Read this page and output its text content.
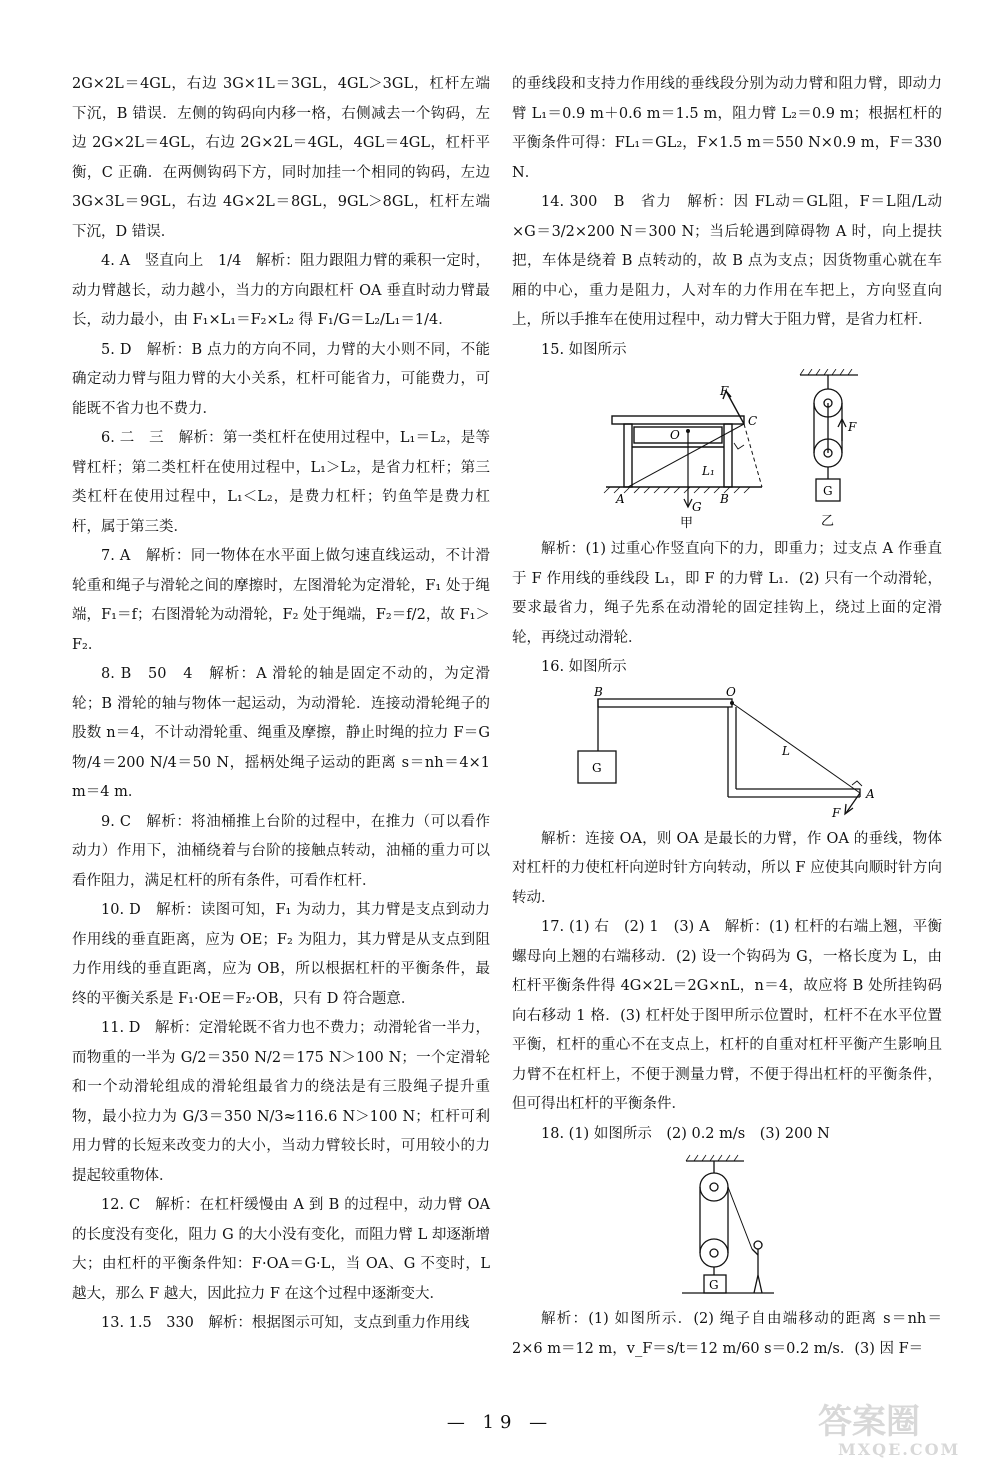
2G×2L＝4GL，右边 3G×1L＝3GL，4GL＞3GL，杠杆左端下沉，B 错误．左侧的钩码向内移一格，右侧减去一个钩码，左边 2G×2L＝4GL，右边 2G×2L＝4GL，4GL＝4GL，杠杆平衡，C 正确．在两侧钩码下方，同时加挂一个相同的钩码，左边 3G×3L＝9GL，右边 4G×2L＝8GL，9GL＞8GL，杠杆左端下沉，D 错误．

4. A　竖直向上　1/4　解析：阻力跟阻力臂的乘积一定时，动力臂越长，动力越小，当力的方向跟杠杆 OA 垂直时动力臂最长，动力最小，由 F₁×L₁＝F₂×L₂ 得 F₁/G＝L₂/L₁＝1/4．

5. D　解析：B 点力的方向不同，力臂的大小则不同，不能确定动力臂与阻力臂的大小关系，杠杆可能省力，可能费力，可能既不省力也不费力．

6. 二　三　解析：第一类杠杆在使用过程中，L₁＝L₂，是等臂杠杆；第二类杠杆在使用过程中，L₁＞L₂，是省力杠杆；第三类杠杆在使用过程中，L₁＜L₂，是费力杠杆；钓鱼竿是费力杠杆，属于第三类．

7. A　解析：同一物体在水平面上做匀速直线运动，不计滑轮重和绳子与滑轮之间的摩擦时，左图滑轮为定滑轮，F₁ 处于绳端，F₁＝f；右图滑轮为动滑轮，F₂ 处于绳端，F₂＝f/2，故 F₁＞F₂．

8. B　50　4　解析：A 滑轮的轴是固定不动的，为定滑轮；B 滑轮的轴与物体一起运动，为动滑轮．连接动滑轮绳子的股数 n＝4，不计动滑轮重、绳重及摩擦，静止时绳的拉力 F＝G物/4＝200 N/4＝50 N，摇柄处绳子运动的距离 s＝nh＝4×1 m＝4 m．

9. C　解析：将油桶推上台阶的过程中，在推力（可以看作动力）作用下，油桶绕着与台阶的接触点转动，油桶的重力可以看作阻力，满足杠杆的所有条件，可看作杠杆．

10. D　解析：读图可知，F₁ 为动力，其力臂是支点到动力作用线的垂直距离，应为 OE；F₂ 为阻力，其力臂是从支点到阻力作用线的垂直距离，应为 OB，所以根据杠杆的平衡条件，最终的平衡关系是 F₁·OE＝F₂·OB，只有 D 符合题意．

11. D　解析：定滑轮既不省力也不费力；动滑轮省一半力，而物重的一半为 G/2＝350 N/2＝175 N＞100 N；一个定滑轮和一个动滑轮组成的滑轮组最省力的绕法是有三股绳子提升重物，最小拉力为 G/3＝350 N/3≈116.6 N＞100 N；杠杆可利用力臂的长短来改变力的大小，当动力臂较长时，可用较小的力提起较重物体．

12. C　解析：在杠杆缓慢由 A 到 B 的过程中，动力臂 OA 的长度没有变化，阻力 G 的大小没有变化，而阻力臂 L 却逐渐增大；由杠杆的平衡条件知：F·OA＝G·L，当 OA、G 不变时，L 越大，那么 F 越大，因此拉力 F 在这个过程中逐渐变大．

13. 1.5　330　解析：根据图示可知，支点到重力作用线

的垂线段和支持力作用线的垂线段分别为动力臂和阻力臂，即动力臂 L₁＝0.9 m＋0.6 m＝1.5 m，阻力臂 L₂＝0.9 m；根据杠杆的平衡条件可得：FL₁＝GL₂，F×1.5 m＝550 N×0.9 m，F＝330 N．

14. 300　B　省力　解析：因 FL动＝GL阻，F＝L阻/L动×G＝3/2×200 N＝300 N；当后轮遇到障碍物 A 时，向上提扶把，车体是绕着 B 点转动的，故 B 点为支点；因货物重心就在车厢的中心，重力是阻力，人对车的力作用在车把上，方向竖直向上，所以手推车在使用过程中，动力臂大于阻力臂，是省力杠杆．

15. 如图所示

F
C
O
L₁
A	B
G
甲
F
G
乙

解析：(1) 过重心作竖直向下的力，即重力；过支点 A 作垂直于 F 作用线的垂线段 L₁，即 F 的力臂 L₁．(2) 只有一个动滑轮，要求最省力，绳子先系在动滑轮的固定挂钩上，绕过上面的定滑轮，再绕过动滑轮．

16. 如图所示

B	O
L
G
A
F

解析：连接 OA，则 OA 是最长的力臂，作 OA 的垂线，物体对杠杆的力使杠杆向逆时针方向转动，所以 F 应使其向顺时针方向转动．

17. (1) 右　(2) 1　(3) A　解析：(1) 杠杆的右端上翘，平衡螺母向上翘的右端移动．(2) 设一个钩码为 G，一格长度为 L，由杠杆平衡条件得 4G×2L＝2G×nL，n＝4，故应将 B 处所挂钩码向右移动 1 格．(3) 杠杆处于图甲所示位置时，杠杆不在水平位置平衡，杠杆的重心不在支点上，杠杆的自重对杠杆平衡产生影响且力臂不在杠杆上，不便于测量力臂，不便于得出杠杆的平衡条件，但可得出杠杆的平衡条件．

18. (1) 如图所示　(2) 0.2 m/s　(3) 200 N

G

解析：(1) 如图所示．(2) 绳子自由端移动的距离 s＝nh＝2×6 m＝12 m，v_F＝s/t＝12 m/60 s＝0.2 m/s．(3) 因 F＝

— 19 —	答案圈
MXQE.COM
